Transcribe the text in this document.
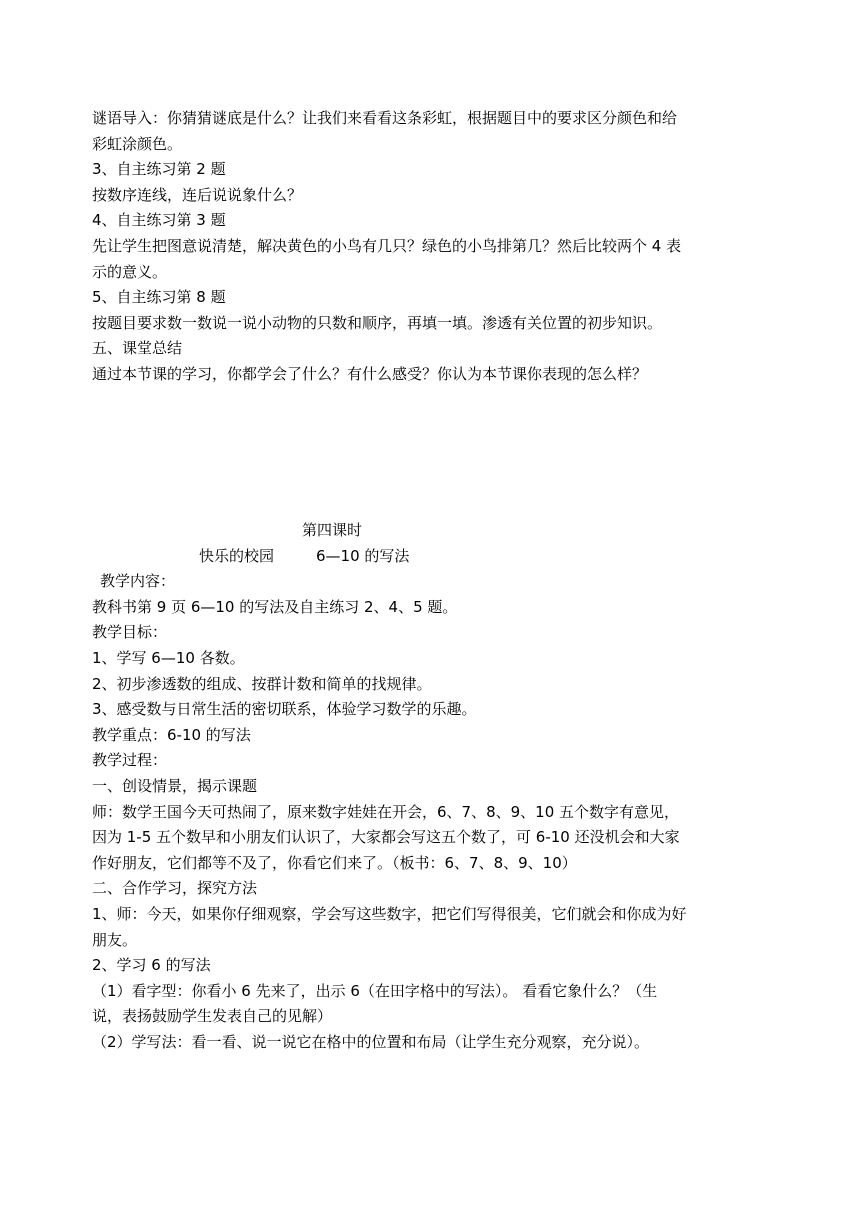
谜语导入：你猜猜谜底是什么？让我们来看看这条彩虹，根据题目中的要求区分颜色和给彩虹涂颜色。

3、自主练习第 2 题

按数序连线，连后说说象什么？

4、自主练习第 3 题

先让学生把图意说清楚，解决黄色的小鸟有几只？绿色的小鸟排第几？然后比较两个 4 表示的意义。

5、自主练习第 8 题

按题目要求数一数说一说小动物的只数和顺序，再填一填。渗透有关位置的初步知识。

五、课堂总结

通过本节课的学习，你都学会了什么？有什么感受？你认为本节课你表现的怎么样？

第四课时

快乐的校园	6—10 的写法

教学内容：

教科书第 9 页 6—10 的写法及自主练习 2、4、5 题。

教学目标：

1、学写 6—10 各数。

2、初步渗透数的组成、按群计数和简单的找规律。

3、感受数与日常生活的密切联系，体验学习数学的乐趣。

教学重点：6-10 的写法

教学过程：

一、创设情景，揭示课题

师：数学王国今天可热闹了，原来数字娃娃在开会，6、7、8、9、10 五个数字有意见，因为 1-5 五个数早和小朋友们认识了，大家都会写这五个数了，可 6-10 还没机会和大家作好朋友，它们都等不及了，你看它们来了。（板书：6、7、8、9、10）

二、合作学习，探究方法

1、师：今天，如果你仔细观察，学会写这些数字，把它们写得很美，它们就会和你成为好朋友。

2、学习 6 的写法

（1）看字型：你看小 6 先来了，出示 6（在田字格中的写法）。 看看它象什么？（生说，表扬鼓励学生发表自己的见解）

（2）学写法：看一看、说一说它在格中的位置和布局（让学生充分观察，充分说）。
